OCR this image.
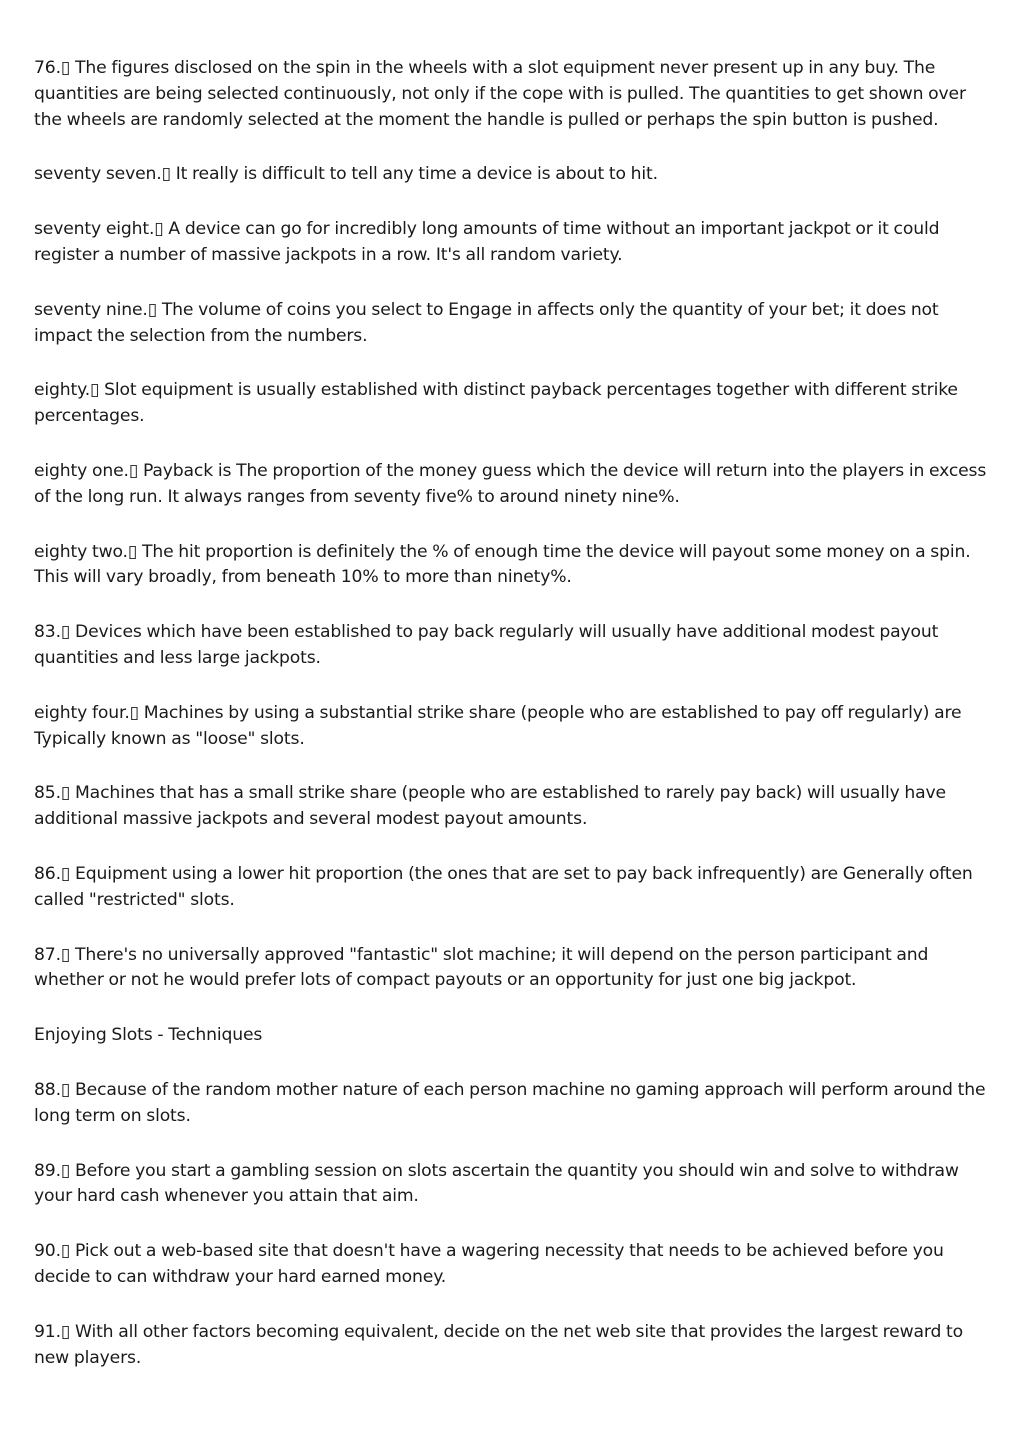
76.▯ The figures disclosed on the spin in the wheels with a slot equipment never present up in any buy. The quantities are being selected continuously, not only if the cope with is pulled. The quantities to get shown over the wheels are randomly selected at the moment the handle is pulled or perhaps the spin button is pushed.

seventy seven.▯ It really is difficult to tell any time a device is about to hit.

seventy eight.▯ A device can go for incredibly long amounts of time without an important jackpot or it could register a number of massive jackpots in a row. It's all random variety.

seventy nine.▯ The volume of coins you select to Engage in affects only the quantity of your bet; it does not impact the selection from the numbers.

eighty.▯ Slot equipment is usually established with distinct payback percentages together with different strike percentages.

eighty one.▯ Payback is The proportion of the money guess which the device will return into the players in excess of the long run. It always ranges from seventy five% to around ninety nine%.

eighty two.▯ The hit proportion is definitely the % of enough time the device will payout some money on a spin. This will vary broadly, from beneath 10% to more than ninety%.

83.▯ Devices which have been established to pay back regularly will usually have additional modest payout quantities and less large jackpots.

eighty four.▯ Machines by using a substantial strike share (people who are established to pay off regularly) are Typically known as "loose" slots.

85.▯ Machines that has a small strike share (people who are established to rarely pay back) will usually have additional massive jackpots and several modest payout amounts.

86.▯ Equipment using a lower hit proportion (the ones that are set to pay back infrequently) are Generally often called "restricted" slots.

87.▯ There's no universally approved "fantastic" slot machine; it will depend on the person participant and whether or not he would prefer lots of compact payouts or an opportunity for just one big jackpot.

Enjoying Slots - Techniques

88.▯ Because of the random mother nature of each person machine no gaming approach will perform around the long term on slots.

89.▯ Before you start a gambling session on slots ascertain the quantity you should win and solve to withdraw your hard cash whenever you attain that aim.

90.▯ Pick out a web-based site that doesn't have a wagering necessity that needs to be achieved before you decide to can withdraw your hard earned money.

91.▯ With all other factors becoming equivalent, decide on the net web site that provides the largest reward to new players.
